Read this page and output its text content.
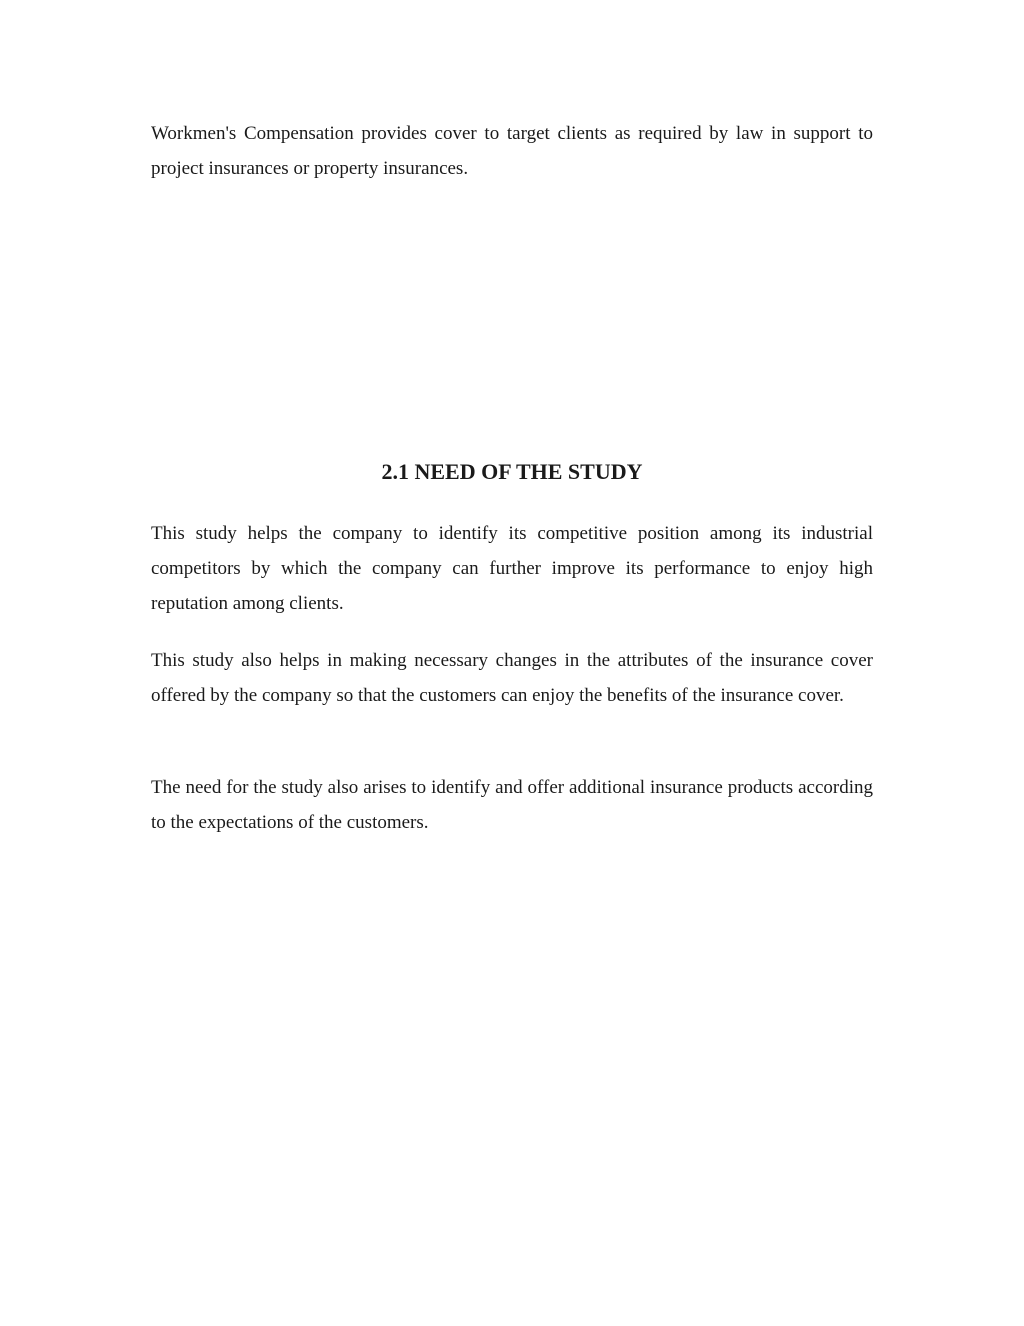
Workmen's Compensation provides cover to target clients as required by law in support to project insurances or property insurances.

2.1 NEED OF THE STUDY

This study helps the company to identify its competitive position among its industrial competitors by which the company can further improve its performance to enjoy high reputation among clients.

This study also helps in making necessary changes in the attributes of the insurance cover offered by the company so that the customers can enjoy the benefits of the insurance cover.

The need for the study also arises to identify and offer additional insurance products according to the expectations of the customers.
